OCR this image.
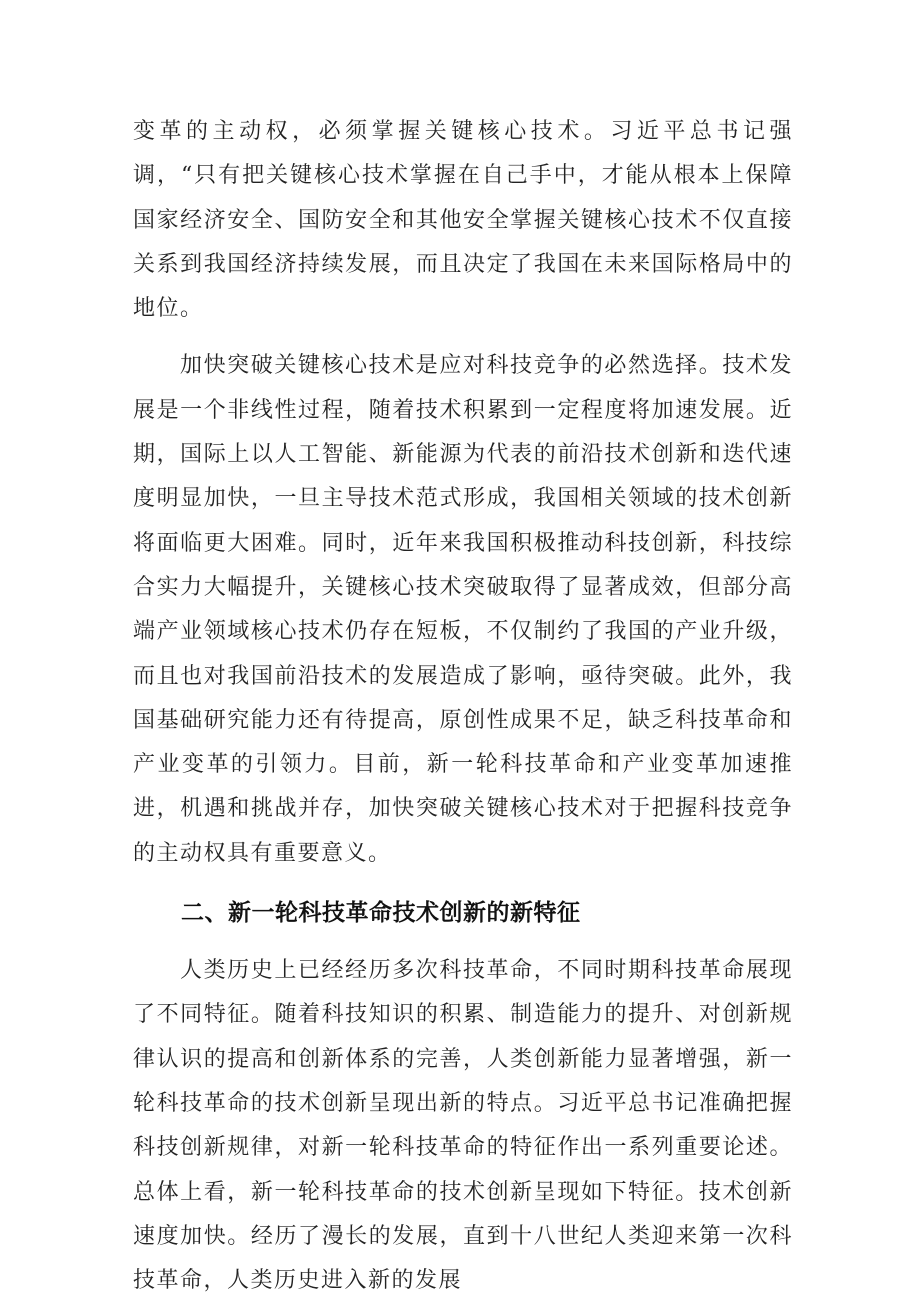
变革的主动权，必须掌握关键核心技术。习近平总书记强调，“只有把关键核心技术掌握在自己手中，才能从根本上保障国家经济安全、国防安全和其他安全掌握关键核心技术不仅直接关系到我国经济持续发展，而且决定了我国在未来国际格局中的地位。

加快突破关键核心技术是应对科技竞争的必然选择。技术发展是一个非线性过程，随着技术积累到一定程度将加速发展。近期，国际上以人工智能、新能源为代表的前沿技术创新和迭代速度明显加快，一旦主导技术范式形成，我国相关领域的技术创新将面临更大困难。同时，近年来我国积极推动科技创新，科技综合实力大幅提升，关键核心技术突破取得了显著成效，但部分高端产业领域核心技术仍存在短板，不仅制约了我国的产业升级，而且也对我国前沿技术的发展造成了影响，亟待突破。此外，我国基础研究能力还有待提高，原创性成果不足，缺乏科技革命和产业变革的引领力。目前，新一轮科技革命和产业变革加速推进，机遇和挑战并存，加快突破关键核心技术对于把握科技竞争的主动权具有重要意义。

二、新一轮科技革命技术创新的新特征

人类历史上已经经历多次科技革命，不同时期科技革命展现了不同特征。随着科技知识的积累、制造能力的提升、对创新规律认识的提高和创新体系的完善，人类创新能力显著增强，新一轮科技革命的技术创新呈现出新的特点。习近平总书记准确把握科技创新规律，对新一轮科技革命的特征作出一系列重要论述。总体上看，新一轮科技革命的技术创新呈现如下特征。技术创新速度加快。经历了漫长的发展，直到十八世纪人类迎来第一次科技革命，人类历史进入新的发展
